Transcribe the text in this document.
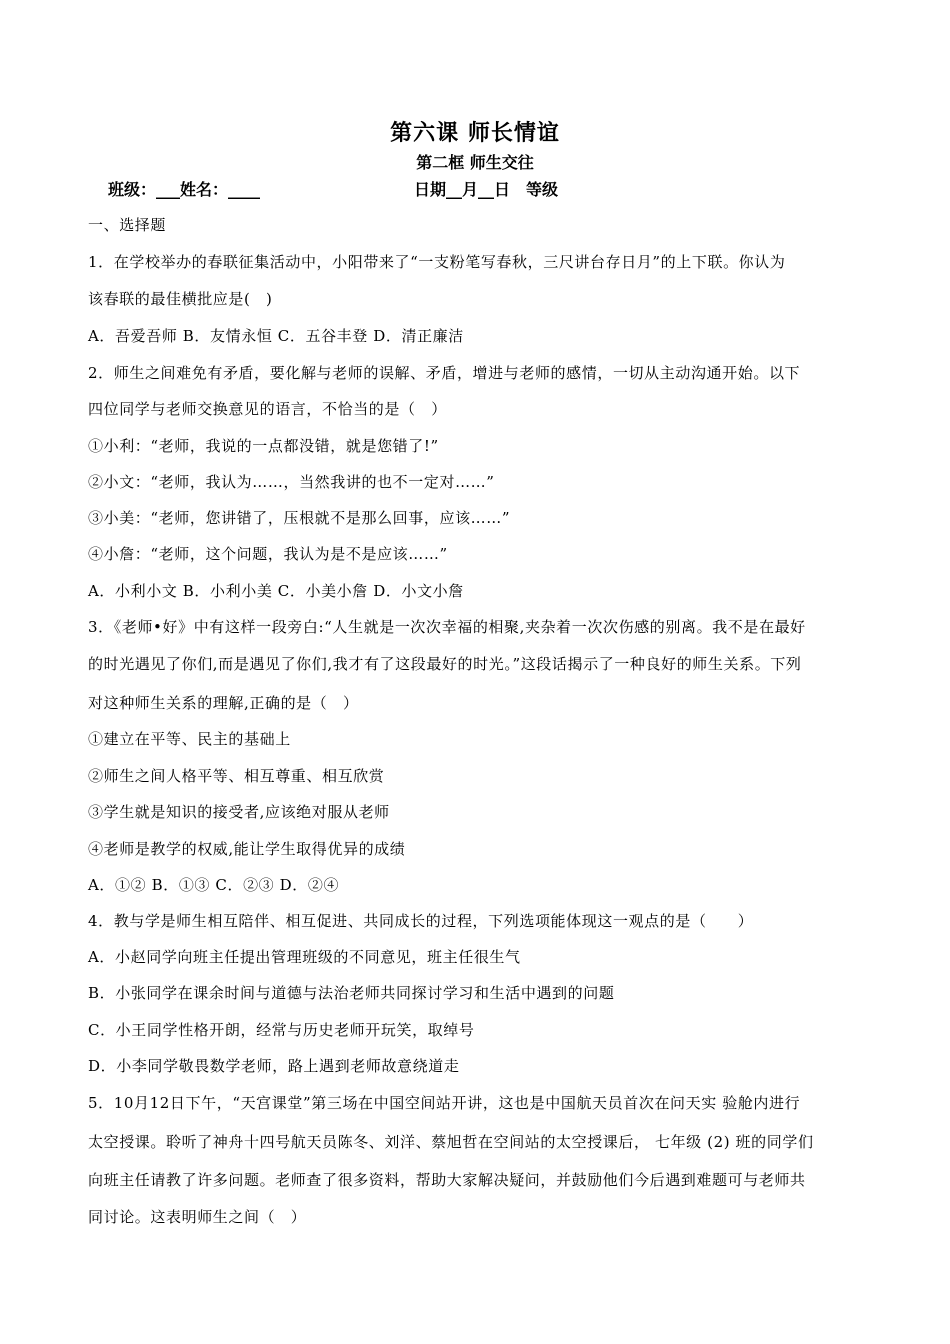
第六课 师长情谊
第二框 师生交往
班级：___姓名：____	日期__月__日　等级
一、选择题
1．在学校举办的春联征集活动中，小阳带来了“一支粉笔写春秋，三尺讲台存日月”的上下联。你认为
该春联的最佳横批应是(　)
A．吾爱吾师 B．友情永恒 C．五谷丰登 D．清正廉洁
2．师生之间难免有矛盾，要化解与老师的误解、矛盾，增进与老师的感情，一切从主动沟通开始。以下
四位同学与老师交换意见的语言，不恰当的是（　）
①小利：“老师，我说的一点都没错，就是您错了!”
②小文：“老师，我认为……，当然我讲的也不一定对……”
③小美：“老师，您讲错了，压根就不是那么回事，应该……”
④小詹：“老师，这个问题，我认为是不是应该……”
A．小利小文 B．小利小美 C．小美小詹 D．小文小詹
3．《老师•好》中有这样一段旁白:“人生就是一次次幸福的相聚,夹杂着一次次伤感的别离。我不是在最好
的时光遇见了你们,而是遇见了你们,我才有了这段最好的时光。”这段话揭示了一种良好的师生关系。下列
对这种师生关系的理解,正确的是（　）
①建立在平等、民主的基础上
②师生之间人格平等、相互尊重、相互欣赏
③学生就是知识的接受者,应该绝对服从老师
④老师是教学的权威,能让学生取得优异的成绩
A．①② B．①③ C．②③ D．②④
4．教与学是师生相互陪伴、相互促进、共同成长的过程，下列选项能体现这一观点的是（　　）
A．小赵同学向班主任提出管理班级的不同意见，班主任很生气
B．小张同学在课余时间与道德与法治老师共同探讨学习和生活中遇到的问题
C．小王同学性格开朗，经常与历史老师开玩笑，取绰号
D．小李同学敬畏数学老师，路上遇到老师故意绕道走
5．10月12日下午，“天宫课堂”第三场在中国空间站开讲，这也是中国航天员首次在问天实 验舱内进行
太空授课。聆听了神舟十四号航天员陈冬、刘洋、蔡旭哲在空间站的太空授课后， 七年级 (2) 班的同学们
向班主任请教了许多问题。老师查了很多资料，帮助大家解决疑问，并鼓励他们今后遇到难题可与老师共
同讨论。这表明师生之间（　）
